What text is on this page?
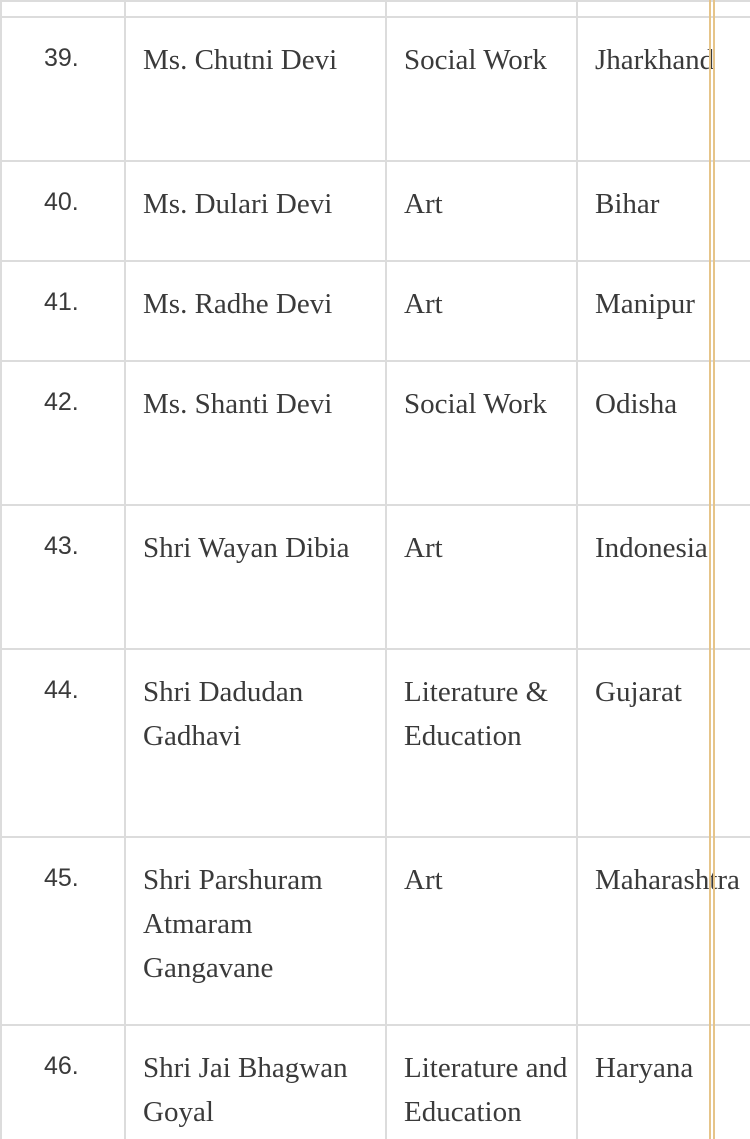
39.	Ms. Chutni Devi	Social Work	Jharkhand
40.	Ms. Dulari Devi	Art	Bihar
41.	Ms. Radhe Devi	Art	Manipur
42.	Ms. Shanti Devi	Social Work	Odisha
43.	Shri Wayan Dibia	Art	Indonesia
44.	Shri Dadudan Gadhavi	Literature & Education	Gujarat
45.	Shri Parshuram Atmaram Gangavane	Art	Maharashtra
46.	Shri Jai Bhagwan Goyal	Literature and Education	Haryana
